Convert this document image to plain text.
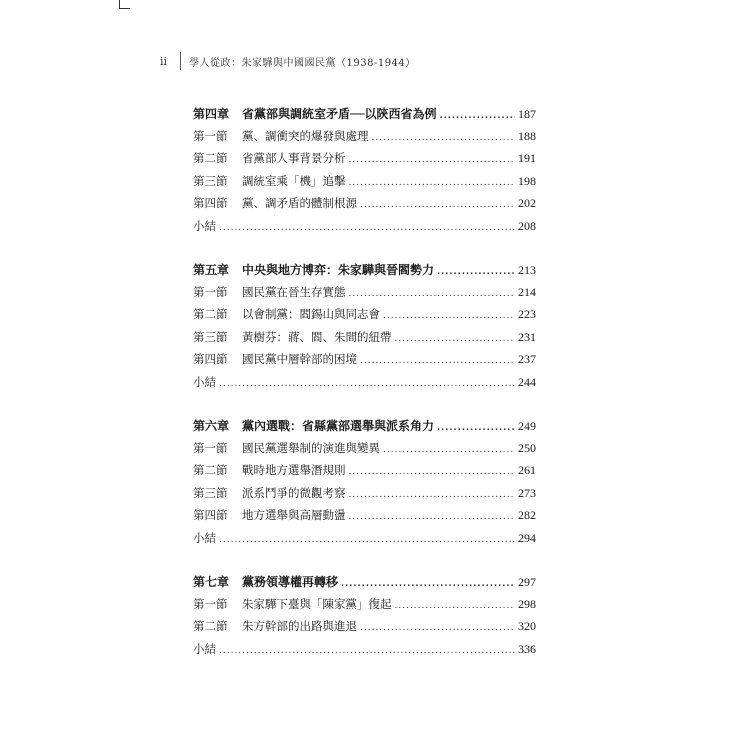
ii	學人從政：朱家驊與中國國民黨（1938-1944）
第四章	省黨部與調統室矛盾──以陝西省為例 .....	187
第一節	黨、調衝突的爆發與處理 .....	188
第二節	省黨部人事背景分析 .....	191
第三節	調統室乘「機」追擊 .....	198
第四節	黨、調矛盾的體制根源 .....	202
小結 .....	208
第五章	中央與地方博弈：朱家驊與晉閻勢力 .....	213
第一節	國民黨在晉生存實態 .....	214
第二節	以會制黨：閻錫山與同志會 .....	223
第三節	黃樹芬：蔣、閻、朱間的紐帶 .....	231
第四節	國民黨中層幹部的困境 .....	237
小結 .....	244
第六章	黨內選戰：省縣黨部選舉與派系角力 .....	249
第一節	國民黨選舉制的演進與變異 .....	250
第二節	戰時地方選舉潛規則 .....	261
第三節	派系鬥爭的微觀考察 .....	273
第四節	地方選舉與高層動盪 .....	282
小結 .....	294
第七章	黨務領導權再轉移 .....	297
第一節	朱家驊下臺與「陳家黨」復起 .....	298
第二節	朱方幹部的出路與進退 .....	320
小結 .....	336
